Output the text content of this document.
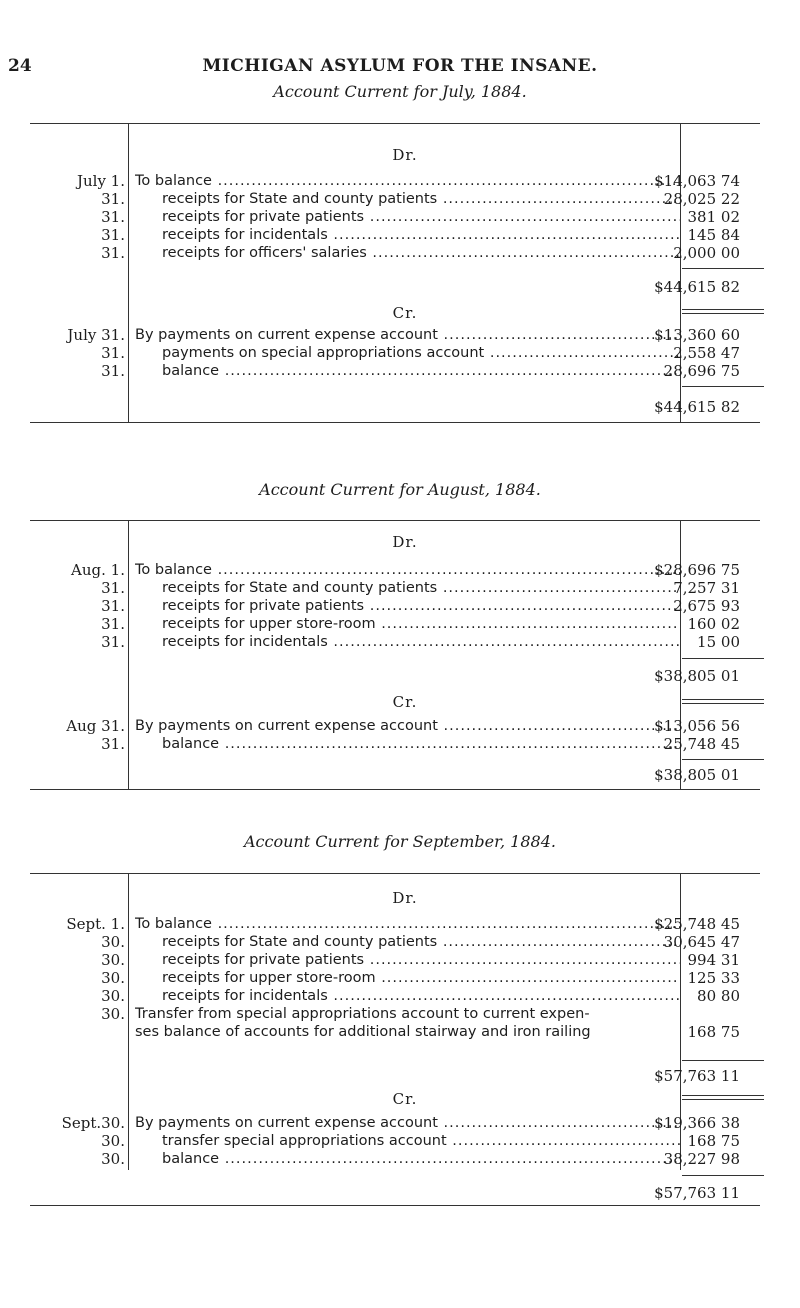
24	MICHIGAN ASYLUM FOR THE INSANE.
Account Current for July, 1884.
Dr.
July 1. To balance .....	$14,063 74
31.	receipts for State and county patients .....	28,025 22
31.	receipts for private patients .....	381 02
31.	receipts for incidentals .....	145 84
31.	receipts for officers' salaries .....	2,000 00
$44,615 82
Cr.
July 31. By payments on current expense account .....	$13,360 60
31.	payments on special appropriations account .....	2,558 47
31.	balance .....	28,696 75
$44,615 82
Account Current for August, 1884.
Dr.
Aug. 1. To balance .....	$28,696 75
31.	receipts for State and county patients .....	7,257 31
31.	receipts for private patients .....	2,675 93
31.	receipts for upper store-room .....	160 02
31.	receipts for incidentals .....	15 00
$38,805 01
Cr.
Aug 31. By payments on current expense account .....	$13,056 56
31.	balance .....	25,748 45
$38,805 01
Account Current for September, 1884.
Dr.
Sept. 1. To balance .....	$25,748 45
30.	receipts for State and county patients .....	30,645 47
30.	receipts for private patients .....	994 31
30.	receipts for upper store-room .....	125 33
30.	receipts for incidentals .....	80 80
30. Transfer from special appropriations account to current expen-
ses balance of accounts for additional stairway and iron railing	168 75
$57,763 11
Cr.
Sept.30. By payments on current expense account .....	$19,366 38
30.	transfer special appropriations account .....	168 75
30.	balance .....	38,227 98
$57,763 11
